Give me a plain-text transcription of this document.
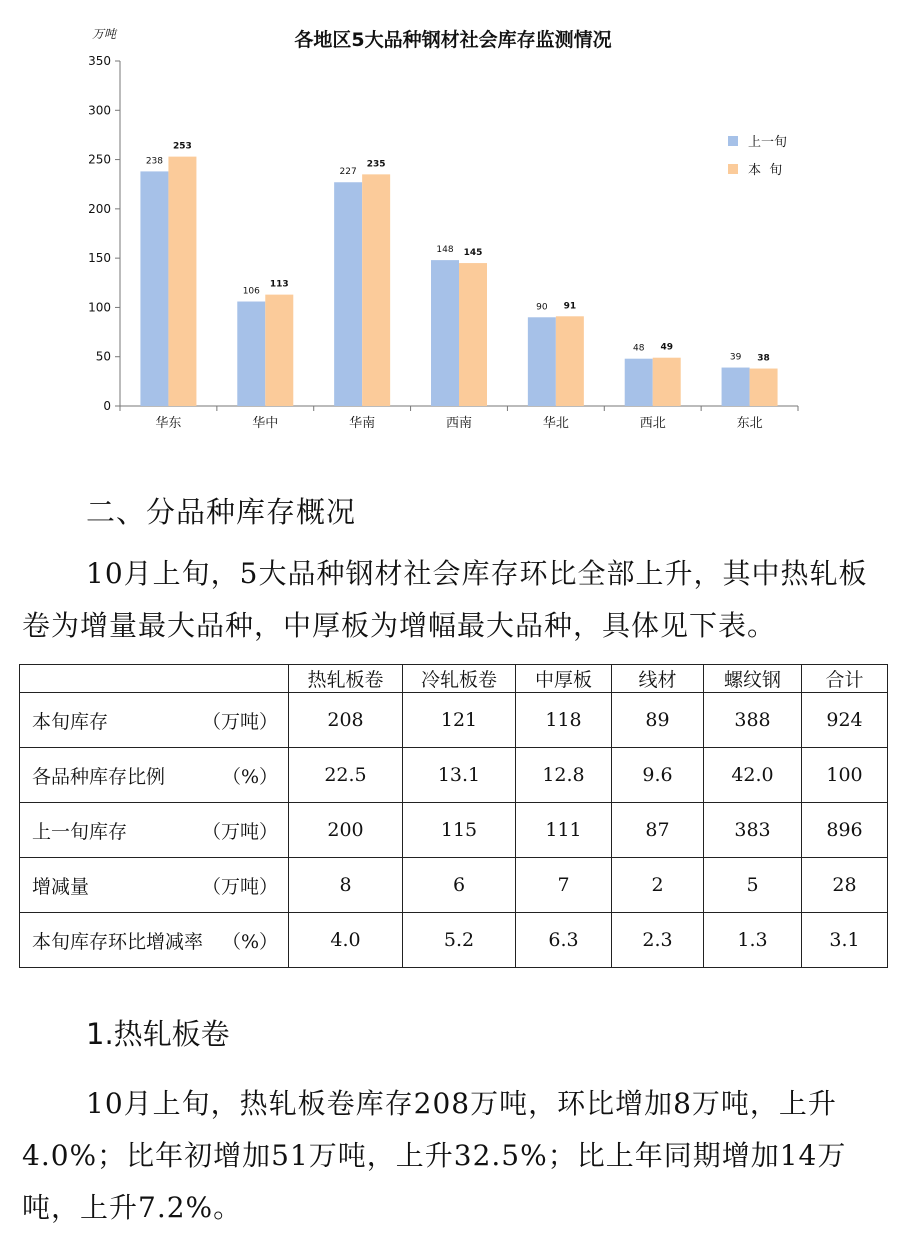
各地区5大品种钢材社会库存监测情况
万吨
0
50
100
150
200
250
300
350
华东	华中	华南	西南	华北	西北	东北
238
253
106
113
227
235
148 145
90 91
48 49
39 38
上一旬
本  旬
二、分品种库存概况
10月上旬，5大品种钢材社会库存环比全部上升，其中热轧板卷为增量最大品种，中厚板为增幅最大品种，具体见下表。
	热轧板卷	冷轧板卷	中厚板	线材	螺纹钢	合计

本旬库存 （万吨）	208	121	118	89	388	924

各品种库存比例 （%）	22.5	13.1	12.8	9.6	42.0	100

上一旬库存 （万吨）	200	115	111	87	383	896

增减量 （万吨）	8	6	7	2	5	28

本旬库存环比增减率 （%）	4.0	5.2	6.3	2.3	1.3	3.1
1.热轧板卷
10月上旬，热轧板卷库存208万吨，环比增加8万吨，上升4.0%；比年初增加51万吨，上升32.5%；比上年同期增加14万吨，上升7.2%。
